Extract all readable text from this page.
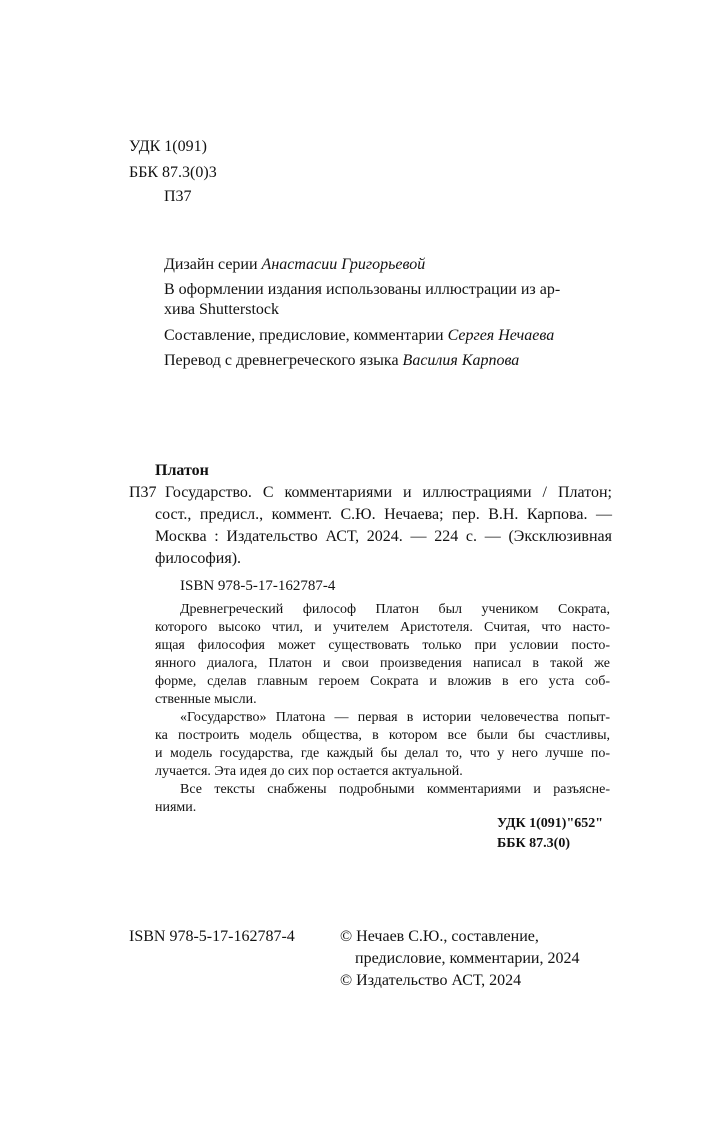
УДК 1(091)
ББК 87.3(0)3
П37
Дизайн серии Анастасии Григорьевой
В оформлении издания использованы иллюстрации из ар-
хива Shutterstock
Составление, предисловие, комментарии Сергея Нечаева
Перевод с древнегреческого языка Василия Карпова
Платон
П37 Государство. С комментариями и иллюстрациями / Платон;
сост., предисл., коммент. С.Ю. Нечаева; пер. В.Н. Карпова. —
Москва : Издательство АСТ, 2024. — 224 с. — (Эксклюзивная
философия).
ISBN 978-5-17-162787-4
Древнегреческий философ Платон был учеником Сократа,
которого высоко чтил, и учителем Аристотеля. Считая, что насто-
ящая философия может существовать только при условии посто-
янного диалога, Платон и свои произведения написал в такой же
форме, сделав главным героем Сократа и вложив в его уста соб-
ственные мысли.
«Государство» Платона — первая в истории человечества попыт-
ка построить модель общества, в котором все были бы счастливы,
и модель государства, где каждый бы делал то, что у него лучше по-
лучается. Эта идея до сих пор остается актуальной.
Все тексты снабжены подробными комментариями и разъясне-
ниями.
УДК 1(091)"652"
ББК 87.3(0)
ISBN 978-5-17-162787-4	© Нечаев С.Ю., составление,
предисловие, комментарии, 2024
© Издательство АСТ, 2024
